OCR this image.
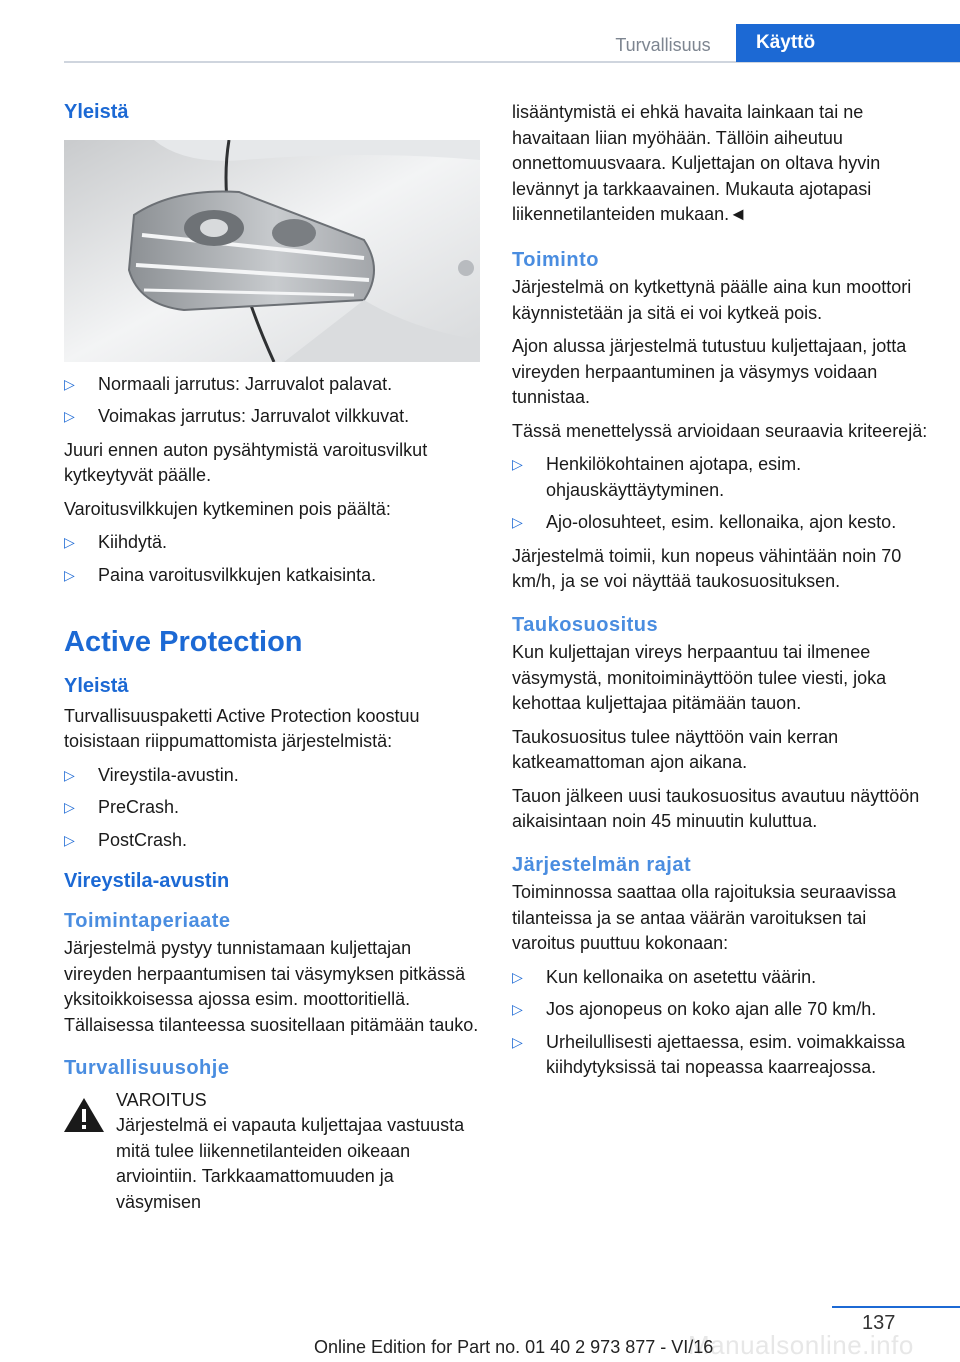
Turvallisuus	Käyttö
Yleistä
▷ Normaali jarrutus: Jarruvalot palavat.
▷ Voimakas jarrutus: Jarruvalot vilkkuvat.

Juuri ennen auton pysähtymistä varoitusvilkut kytkeytyvät päälle.

Varoitusvilkkujen kytkeminen pois päältä:

▷ Kiihdytä.
▷ Paina varoitusvilkkujen katkaisinta.
Active Protection
Yleistä

Turvallisuuspaketti Active Protection koostuu toisistaan riippumattomista järjestelmistä:

▷ Vireystila-avustin.
▷ PreCrash.
▷ PostCrash.
Vireystila-avustin
Toimintaperiaate

Järjestelmä pystyy tunnistamaan kuljettajan vireyden herpaantumisen tai väsymyksen pitkässä yksitoikkoisessa ajossa esim. moottoritiellä. Tällaisessa tilanteessa suositellaan pitämään tauko.

Turvallisuusohje
VAROITUS
Järjestelmä ei vapauta kuljettajaa vastuusta mitä tulee liikennetilanteiden oikeaan arviointiin. Tarkkaamattomuuden ja väsymisen

lisääntymistä ei ehkä havaita lainkaan tai ne havaitaan liian myöhään. Tällöin aiheutuu onnettomuusvaara. Kuljettajan on oltava hyvin levännyt ja tarkkaavainen. Mukauta ajotapasi liikennetilanteiden mukaan.◄

Toiminto

Järjestelmä on kytkettynä päälle aina kun moottori käynnistetään ja sitä ei voi kytkeä pois.

Ajon alussa järjestelmä tutustuu kuljettajaan, jotta vireyden herpaantuminen ja väsymys voidaan tunnistaa.

Tässä menettelyssä arvioidaan seuraavia kriteerejä:

▷ Henkilökohtainen ajotapa, esim. ohjauskäyttäytyminen.
▷ Ajo-olosuhteet, esim. kellonaika, ajon kesto.

Järjestelmä toimii, kun nopeus vähintään noin 70 km/h, ja se voi näyttää taukosuosituksen.

Taukosuositus

Kun kuljettajan vireys herpaantuu tai ilmenee väsymystä, monitoiminäyttöön tulee viesti, joka kehottaa kuljettajaa pitämään tauon.

Taukosuositus tulee näyttöön vain kerran katkeamattoman ajon aikana.

Tauon jälkeen uusi taukosuositus avautuu näyttöön aikaisintaan noin 45 minuutin kuluttua.

Järjestelmän rajat

Toiminnossa saattaa olla rajoituksia seuraavissa tilanteissa ja se antaa väärän varoituksen tai varoitus puuttuu kokonaan:

▷ Kun kellonaika on asetettu väärin.
▷ Jos ajonopeus on koko ajan alle 70 km/h.
▷ Urheilullisesti ajettaessa, esim. voimakkaissa kiihdytyksissä tai nopeassa kaarreajossa.
137
Manualsonline.info
Online Edition for Part no. 01 40 2 973 877 - VI/16
